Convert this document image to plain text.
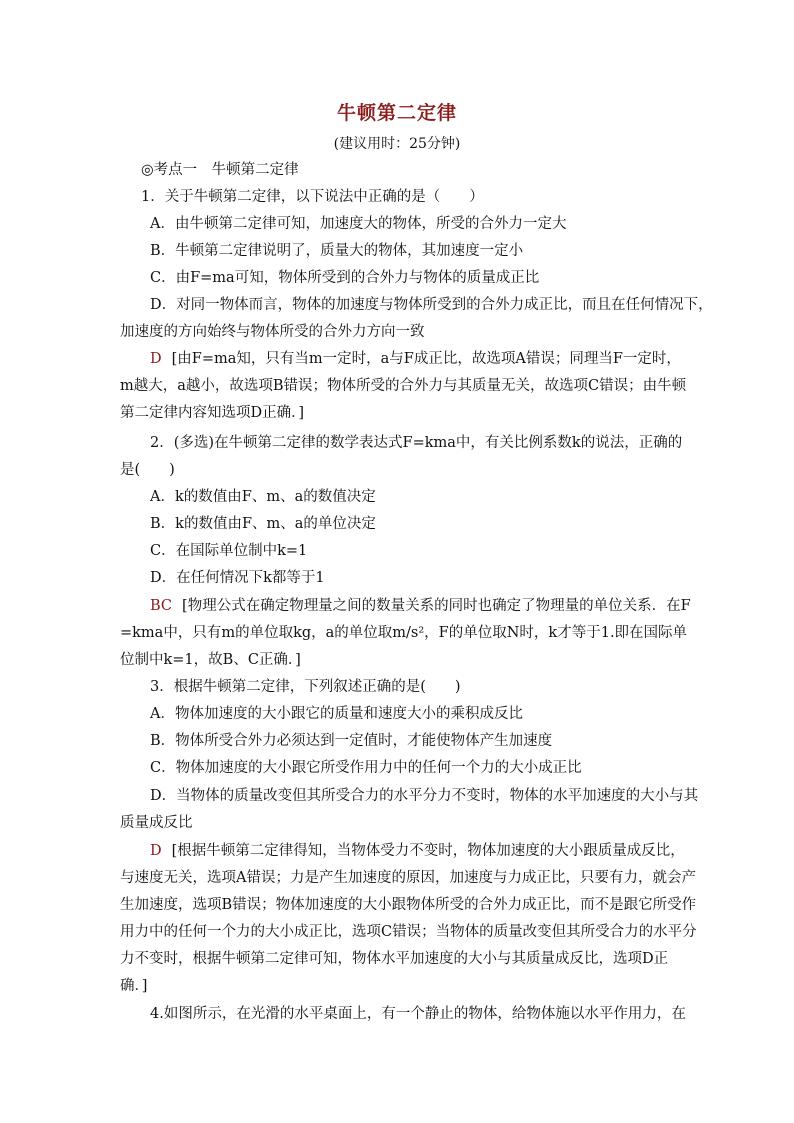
牛顿第二定律
(建议用时：25分钟)
◎考点一　牛顿第二定律
1．关于牛顿第二定律，以下说法中正确的是（　　）
A．由牛顿第二定律可知，加速度大的物体，所受的合外力一定大
B．牛顿第二定律说明了，质量大的物体，其加速度一定小
C．由F=ma可知，物体所受到的合外力与物体的质量成正比
D．对同一物体而言，物体的加速度与物体所受到的合外力成正比，而且在任何情况下，
加速度的方向始终与物体所受的合外力方向一致
D [由F=ma知，只有当m一定时，a与F成正比，故选项A错误；同理当F一定时，
m越大，a越小，故选项B错误；物体所受的合外力与其质量无关，故选项C错误；由牛顿
第二定律内容知选项D正确．]
2．(多选)在牛顿第二定律的数学表达式F=kma中，有关比例系数k的说法，正确的
是(　　)
A．k的数值由F、m、a的数值决定
B．k的数值由F、m、a的单位决定
C．在国际单位制中k=1
D．在任何情况下k都等于1
BC [物理公式在确定物理量之间的数量关系的同时也确定了物理量的单位关系．在F
=kma中，只有m的单位取kg，a的单位取m/s²，F的单位取N时，k才等于1.即在国际单
位制中k=1，故B、C正确．]
3．根据牛顿第二定律，下列叙述正确的是(　　)
A．物体加速度的大小跟它的质量和速度大小的乘积成反比
B．物体所受合外力必须达到一定值时，才能使物体产生加速度
C．物体加速度的大小跟它所受作用力中的任何一个力的大小成正比
D．当物体的质量改变但其所受合力的水平分力不变时，物体的水平加速度的大小与其
质量成反比
D [根据牛顿第二定律得知，当物体受力不变时，物体加速度的大小跟质量成反比，
与速度无关，选项A错误；力是产生加速度的原因，加速度与力成正比，只要有力，就会产
生加速度，选项B错误；物体加速度的大小跟物体所受的合外力成正比，而不是跟它所受作
用力中的任何一个力的大小成正比，选项C错误；当物体的质量改变但其所受合力的水平分
力不变时，根据牛顿第二定律可知，物体水平加速度的大小与其质量成反比，选项D正
确．]
4.如图所示，在光滑的水平桌面上，有一个静止的物体，给物体施以水平作用力，在
